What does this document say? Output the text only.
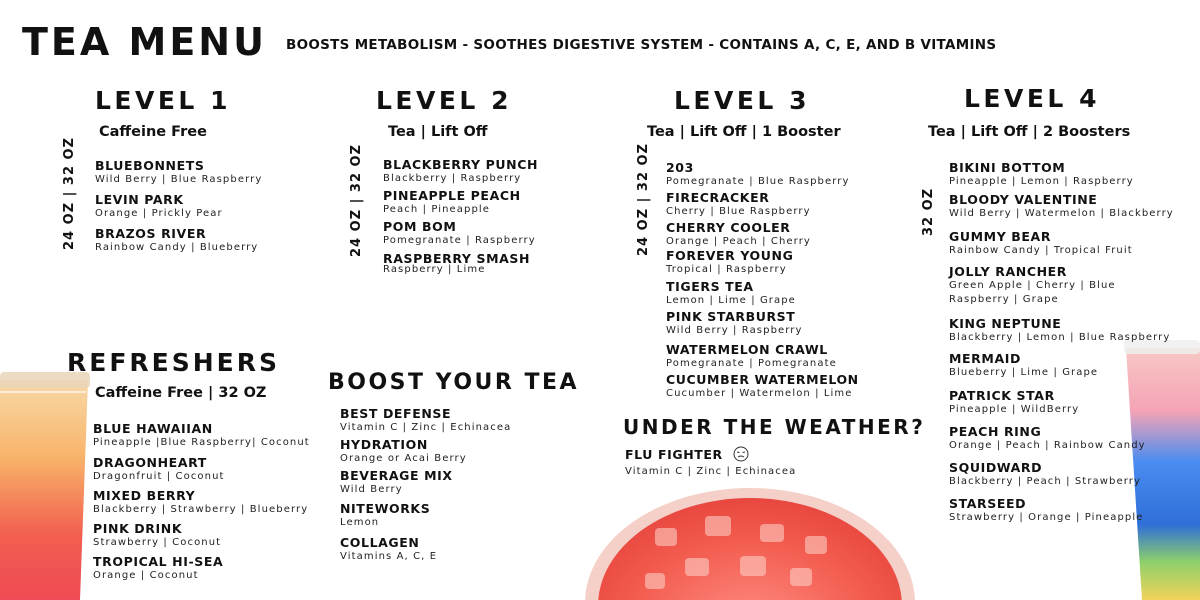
TEA MENU BOOSTS METABOLISM - SOOTHES DIGESTIVE SYSTEM - CONTAINS A, C, E, AND B VITAMINS
LEVEL 1
Caffeine Free
24 OZ | 32 OZ BLUEBONNETS
Wild Berry | Blue Raspberry
LEVIN PARK
Orange | Prickly Pear
BRAZOS RIVER
Rainbow Candy | Blueberry
LEVEL 2
Tea | Lift Off
24 OZ | 32 OZ BLACKBERRY PUNCH
Blackberry | Raspberry
PINEAPPLE PEACH
Peach | Pineapple
POM BOM
Pomegranate | Raspberry
RASPBERRY SMASH
Raspberry | Lime
LEVEL 3
Tea | Lift Off | 1 Booster
24 OZ | 32 OZ 203
Pomegranate | Blue Raspberry
FIRECRACKER
Cherry | Blue Raspberry
CHERRY COOLER
Orange | Peach | Cherry
FOREVER YOUNG
Tropical | Raspberry
TIGERS TEA
Lemon | Lime | Grape
PINK STARBURST
Wild Berry | Raspberry
WATERMELON CRAWL
Pomegranate | Pomegranate
CUCUMBER WATERMELON
Cucumber | Watermelon | Lime
LEVEL 4
Tea | Lift Off | 2 Boosters
32 OZ
BIKINI BOTTOM
Pineapple | Lemon | Raspberry
BLOODY VALENTINE
Wild Berry | Watermelon | Blackberry
GUMMY BEAR
Rainbow Candy | Tropical Fruit
JOLLY RANCHER
Green Apple | Cherry | Blue Raspberry | Grape
KING NEPTUNE
Blackberry | Lemon | Blue Raspberry
MERMAID
Blueberry | Lime | Grape
PATRICK STAR
Pineapple | WildBerry
PEACH RING
Orange | Peach | Rainbow Candy
SQUIDWARD
Blackberry | Peach | Strawberry
STARSEED
Strawberry | Orange | Pineapple
REFRESHERS
Caffeine Free | 32 OZ
BLUE HAWAIIAN
Pineapple |Blue Raspberry| Coconut
DRAGONHEART
Dragonfruit | Coconut
MIXED BERRY
Blackberry | Strawberry | Blueberry
PINK DRINK
Strawberry | Coconut
TROPICAL HI-SEA
Orange | Coconut
BOOST YOUR TEA
BEST DEFENSE
Vitamin C | Zinc | Echinacea
HYDRATION
Orange or Acai Berry
BEVERAGE MIX
Wild Berry
NITEWORKS
Lemon
COLLAGEN
Vitamins A, C, E
UNDER THE WEATHER?
FLU FIGHTER
Vitamin C | Zinc | Echinacea
